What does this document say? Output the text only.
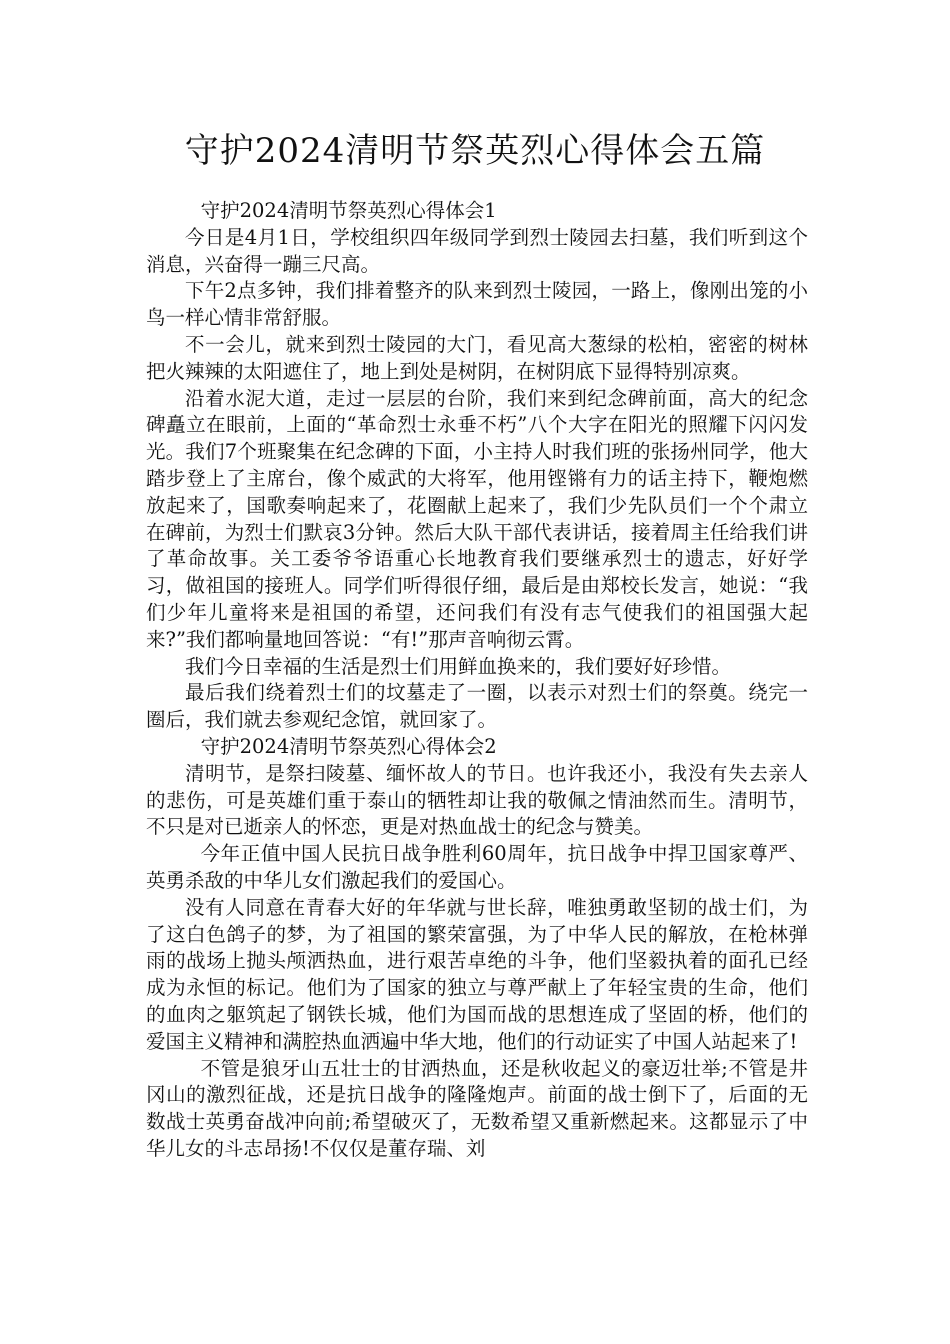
守护2024清明节祭英烈心得体会五篇

守护2024清明节祭英烈心得体会1

今日是4月1日，学校组织四年级同学到烈士陵园去扫墓，我们听到这个消息，兴奋得一蹦三尺高。

下午2点多钟，我们排着整齐的队来到烈士陵园，一路上，像刚出笼的小鸟一样心情非常舒服。

不一会儿，就来到烈士陵园的大门，看见高大葱绿的松柏，密密的树林把火辣辣的太阳遮住了，地上到处是树阴，在树阴底下显得特别凉爽。

沿着水泥大道，走过一层层的台阶，我们来到纪念碑前面，高大的纪念碑矗立在眼前，上面的“革命烈士永垂不朽”八个大字在阳光的照耀下闪闪发光。我们7个班聚集在纪念碑的下面，小主持人时我们班的张扬州同学，他大踏步登上了主席台，像个威武的大将军，他用铿锵有力的话主持下，鞭炮燃放起来了，国歌奏响起来了，花圈献上起来了，我们少先队员们一个个肃立在碑前，为烈士们默哀3分钟。然后大队干部代表讲话，接着周主任给我们讲了革命故事。关工委爷爷语重心长地教育我们要继承烈士的遗志，好好学习，做祖国的接班人。同学们听得很仔细，最后是由郑校长发言，她说：“我们少年儿童将来是祖国的希望，还问我们有没有志气使我们的祖国强大起来?”我们都响量地回答说：“有!”那声音响彻云霄。

我们今日幸福的生活是烈士们用鲜血换来的，我们要好好珍惜。

最后我们绕着烈士们的坟墓走了一圈，以表示对烈士们的祭奠。绕完一圈后，我们就去参观纪念馆，就回家了。

守护2024清明节祭英烈心得体会2

清明节，是祭扫陵墓、缅怀故人的节日。也许我还小，我没有失去亲人的悲伤，可是英雄们重于泰山的牺牲却让我的敬佩之情油然而生。清明节，不只是对已逝亲人的怀恋，更是对热血战士的纪念与赞美。

今年正值中国人民抗日战争胜利60周年，抗日战争中捍卫国家尊严、英勇杀敌的中华儿女们激起我们的爱国心。

没有人同意在青春大好的年华就与世长辞，唯独勇敢坚韧的战士们，为了这白色鸽子的梦，为了祖国的繁荣富强，为了中华人民的解放，在枪林弹雨的战场上抛头颅洒热血，进行艰苦卓绝的斗争，他们坚毅执着的面孔已经成为永恒的标记。他们为了国家的独立与尊严献上了年轻宝贵的生命，他们的血肉之躯筑起了钢铁长城，他们为国而战的思想连成了坚固的桥，他们的爱国主义精神和满腔热血洒遍中华大地，他们的行动证实了中国人站起来了!

不管是狼牙山五壮士的甘洒热血，还是秋收起义的豪迈壮举;不管是井冈山的激烈征战，还是抗日战争的隆隆炮声。前面的战士倒下了，后面的无数战士英勇奋战冲向前;希望破灭了，无数希望又重新燃起来。这都显示了中华儿女的斗志昂扬!不仅仅是董存瑞、刘
